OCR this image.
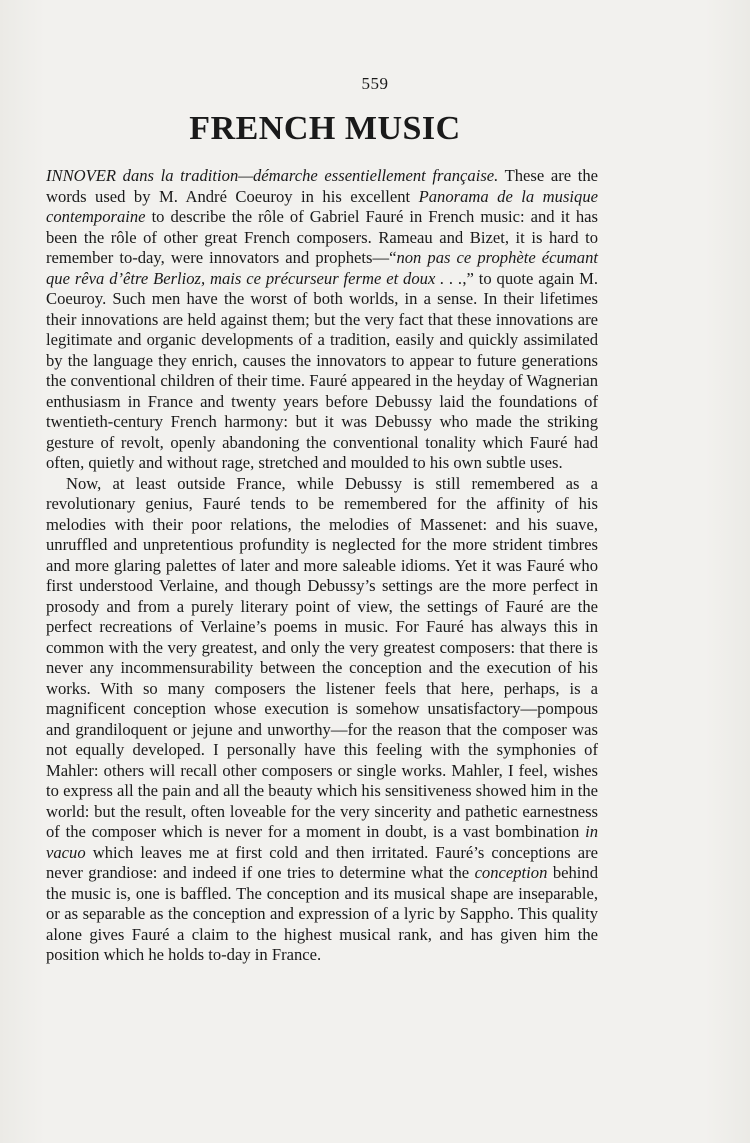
559
FRENCH MUSIC

INNOVER dans la tradition—démarche essentiellement française. These are the words used by M. André Coeuroy in his excellent Panorama de la musique contemporaine to describe the rôle of Gabriel Fauré in French music: and it has been the rôle of other great French composers. Rameau and Bizet, it is hard to remember to-day, were innovators and prophets—“non pas ce prophète écumant que rêva d’être Berlioz, mais ce précurseur ferme et doux . . .,” to quote again M. Coeuroy. Such men have the worst of both worlds, in a sense. In their lifetimes their innovations are held against them; but the very fact that these innovations are legitimate and organic developments of a tradition, easily and quickly assimilated by the language they enrich, causes the innovators to appear to future generations the conventional children of their time. Fauré appeared in the heyday of Wagnerian enthusiasm in France and twenty years before Debussy laid the foundations of twentieth-century French harmony: but it was Debussy who made the striking gesture of revolt, openly abandoning the conventional tonality which Fauré had often, quietly and without rage, stretched and moulded to his own subtle uses.

Now, at least outside France, while Debussy is still remembered as a revolutionary genius, Fauré tends to be remembered for the affinity of his melodies with their poor relations, the melodies of Massenet: and his suave, unruffled and unpretentious profundity is neglected for the more strident timbres and more glaring palettes of later and more saleable idioms. Yet it was Fauré who first understood Verlaine, and though Debussy’s settings are the more perfect in prosody and from a purely literary point of view, the settings of Fauré are the perfect recreations of Verlaine’s poems in music. For Fauré has always this in common with the very greatest, and only the very greatest composers: that there is never any incommensurability between the conception and the execution of his works. With so many composers the listener feels that here, perhaps, is a magnificent conception whose execution is somehow unsatisfactory—pompous and grandiloquent or jejune and unworthy—for the reason that the composer was not equally developed. I personally have this feeling with the symphonies of Mahler: others will recall other composers or single works. Mahler, I feel, wishes to express all the pain and all the beauty which his sensitiveness showed him in the world: but the result, often loveable for the very sincerity and pathetic earnestness of the composer which is never for a moment in doubt, is a vast bombination in vacuo which leaves me at first cold and then irritated. Fauré’s conceptions are never grandiose: and indeed if one tries to determine what the conception behind the music is, one is baffled. The conception and its musical shape are inseparable, or as separable as the conception and expression of a lyric by Sappho. This quality alone gives Fauré a claim to the highest musical rank, and has given him the position which he holds to-day in France.
